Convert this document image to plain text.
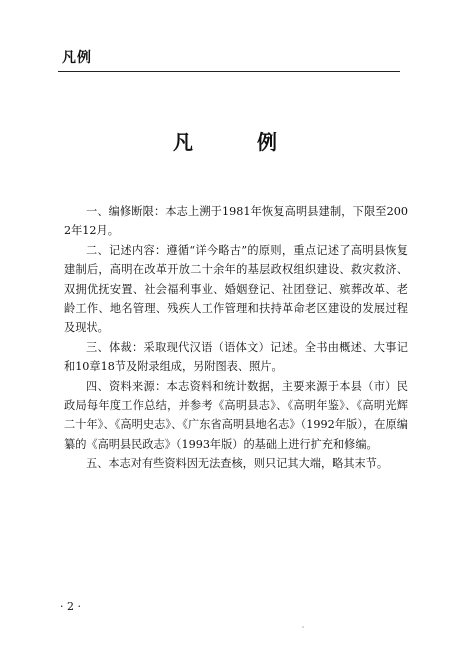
凡例
凡　例

一、编修断限：本志上溯于1981年恢复高明县建制，下限至2002年12月。

二、记述内容：遵循“详今略古”的原则，重点记述了高明县恢复建制后，高明在改革开放二十余年的基层政权组织建设、救灾救济、双拥优抚安置、社会福利事业、婚姻登记、社团登记、殡葬改革、老龄工作、地名管理、残疾人工作管理和扶持革命老区建设的发展过程及现状。

三、体裁：采取现代汉语（语体文）记述。全书由概述、大事记和10章18节及附录组成，另附图表、照片。

四、资料来源：本志资料和统计数据，主要来源于本县（市）民政局每年度工作总结，并参考《高明县志》、《高明年鉴》、《高明光辉二十年》、《高明史志》、《广东省高明县地名志》（1992年版），在原编纂的《高明县民政志》（1993年版）的基础上进行扩充和修编。

五、本志对有些资料因无法查核，则只记其大端，略其末节。

· 2 ·
